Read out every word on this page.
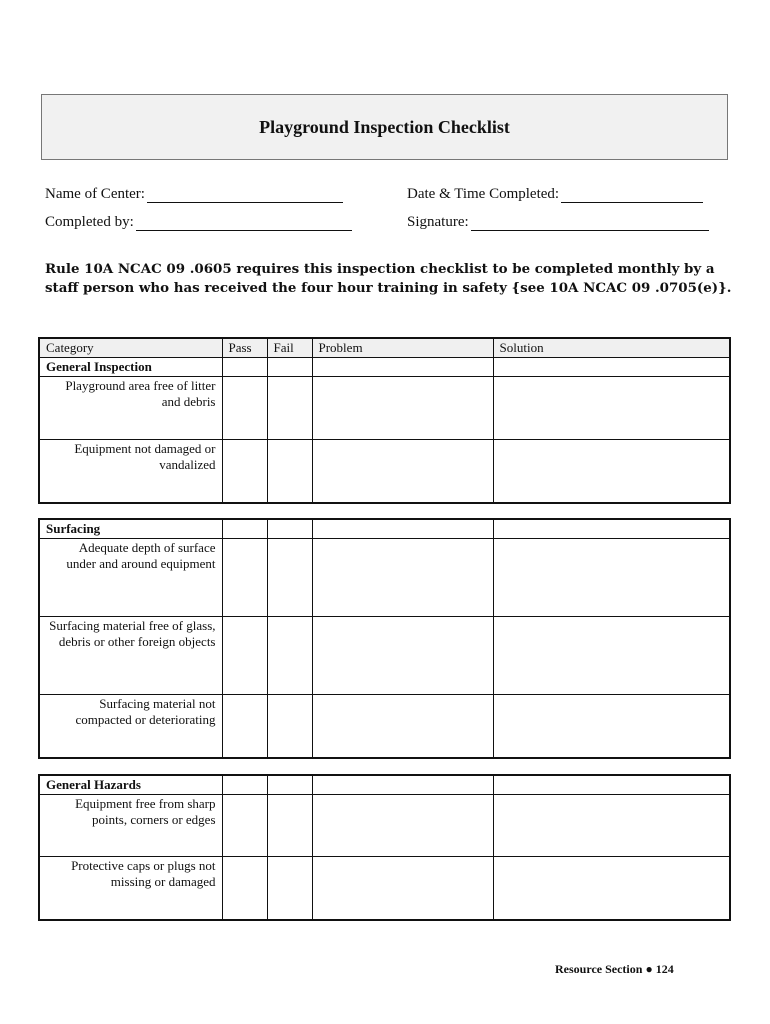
Playground Inspection Checklist
Name of Center:	Date & Time Completed:
Completed by:	Signature:
Rule 10A NCAC 09 .0605 requires this inspection checklist to be completed monthly by a staff person who has received the four hour training in safety {see 10A NCAC 09 .0705(e)}.
Category	Pass	Fail	Problem	Solution
General Inspection				
Playground area free of litter and debris				
Equipment not damaged or vandalized				
Surfacing				
Adequate depth of surface under and around equipment				
Surfacing material free of glass, debris or other foreign objects				
Surfacing material not compacted or deteriorating				
General Hazards				
Equipment free from sharp points, corners or edges				
Protective caps or plugs not missing or damaged				
Resource Section ● 124
